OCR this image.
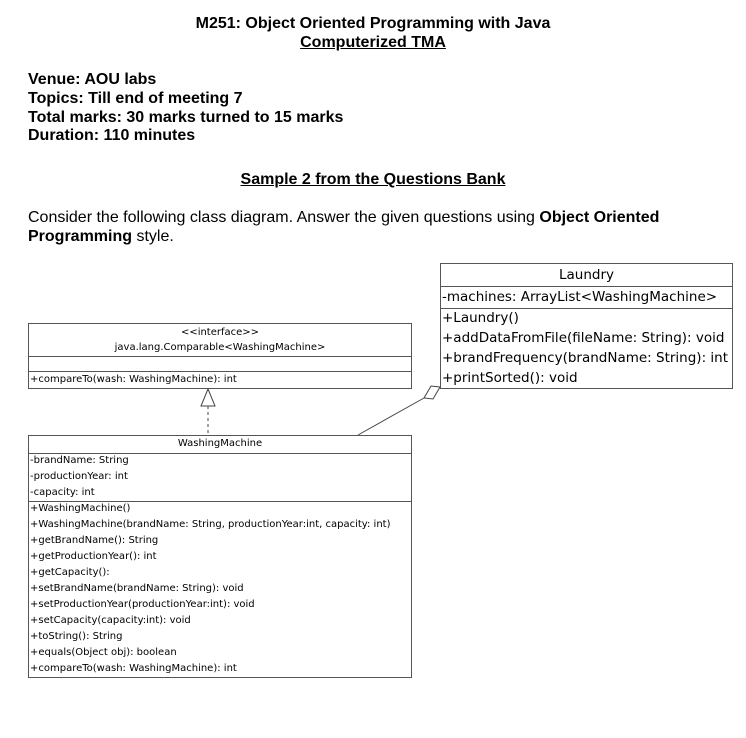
M251: Object Oriented Programming with Java
Computerized TMA
Venue: AOU labs
Topics: Till end of meeting 7
Total marks: 30 marks turned to 15 marks
Duration: 110 minutes
Sample 2 from the Questions Bank
Consider the following class diagram. Answer the given questions using Object Oriented Programming style.
Laundry
-machines: ArrayList<WashingMachine>
+Laundry()
+addDataFromFile(fileName: String): void
+brandFrequency(brandName: String): int
+printSorted(): void
<<interface>>
java.lang.Comparable<WashingMachine>
+compareTo(wash: WashingMachine): int
WashingMachine
-brandName: String
-productionYear: int
-capacity: int
+WashingMachine()
+WashingMachine(brandName: String, productionYear:int, capacity: int)
+getBrandName(): String
+getProductionYear(): int
+getCapacity():
+setBrandName(brandName: String): void
+setProductionYear(productionYear:int): void
+setCapacity(capacity:int): void
+toString(): String
+equals(Object obj): boolean
+compareTo(wash: WashingMachine): int
